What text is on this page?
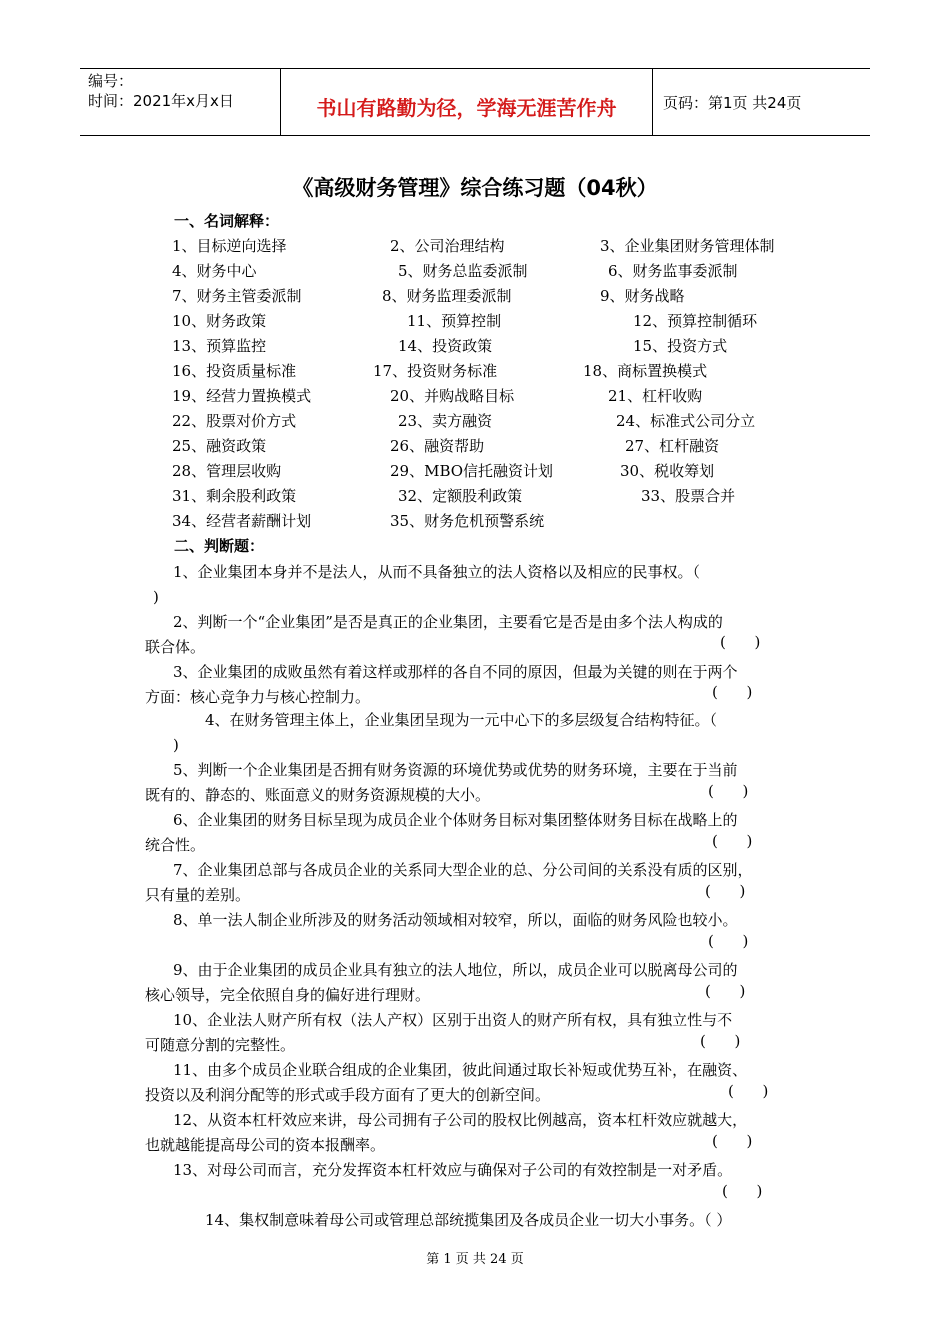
编号：
时间：2021年x月x日	书山有路勤为径，学海无涯苦作舟	页码：第1页 共24页
《高级财务管理》综合练习题（04秋）
一、名词解释：
1、目标逆向选择	2、公司治理结构	3、企业集团财务管理体制
4、财务中心	5、财务总监委派制	6、财务监事委派制
7、财务主管委派制	8、财务监理委派制	9、财务战略
10、财务政策	11、预算控制	12、预算控制循环
13、预算监控	14、投资政策	15、投资方式
16、投资质量标准	17、投资财务标准	18、商标置换模式
19、经营力置换模式	20、并购战略目标	21、杠杆收购
22、股票对价方式	23、卖方融资	24、标准式公司分立
25、融资政策	26、融资帮助	27、杠杆融资
28、管理层收购	29、MBO信托融资计划	30、税收筹划
31、剩余股利政策	32、定额股利政策	33、股票合并
34、经营者薪酬计划	35、财务危机预警系统
二、判断题：
1、企业集团本身并不是法人，从而不具备独立的法人资格以及相应的民事权。（
)
2、判断一个“企业集团”是否是真正的企业集团，主要看它是否是由多个法人构成的
联合体。	(      )
3、企业集团的成败虽然有着这样或那样的各自不同的原因，但最为关键的则在于两个
方面：核心竞争力与核心控制力。	(      )
4、在财务管理主体上，企业集团呈现为一元中心下的多层级复合结构特征。（
)
5、判断一个企业集团是否拥有财务资源的环境优势或优势的财务环境，主要在于当前
既有的、静态的、账面意义的财务资源规模的大小。	(      )
6、企业集团的财务目标呈现为成员企业个体财务目标对集团整体财务目标在战略上的
统合性。	(      )
7、企业集团总部与各成员企业的关系同大型企业的总、分公司间的关系没有质的区别，
只有量的差别。	(      )
8、单一法人制企业所涉及的财务活动领域相对较窄，所以，面临的财务风险也较小。
(      )
9、由于企业集团的成员企业具有独立的法人地位，所以，成员企业可以脱离母公司的
核心领导，完全依照自身的偏好进行理财。	(      )
10、企业法人财产所有权（法人产权）区别于出资人的财产所有权，具有独立性与不
可随意分割的完整性。	(      )
11、由多个成员企业联合组成的企业集团，彼此间通过取长补短或优势互补，在融资、
投资以及利润分配等的形式或手段方面有了更大的创新空间。	(      )
12、从资本杠杆效应来讲，母公司拥有子公司的股权比例越高，资本杠杆效应就越大，
也就越能提高母公司的资本报酬率。	(      )
13、对母公司而言，充分发挥资本杠杆效应与确保对子公司的有效控制是一对矛盾。
(      )
14、集权制意味着母公司或管理总部统揽集团及各成员企业一切大小事务。（ ）
第 1 页 共 24 页
